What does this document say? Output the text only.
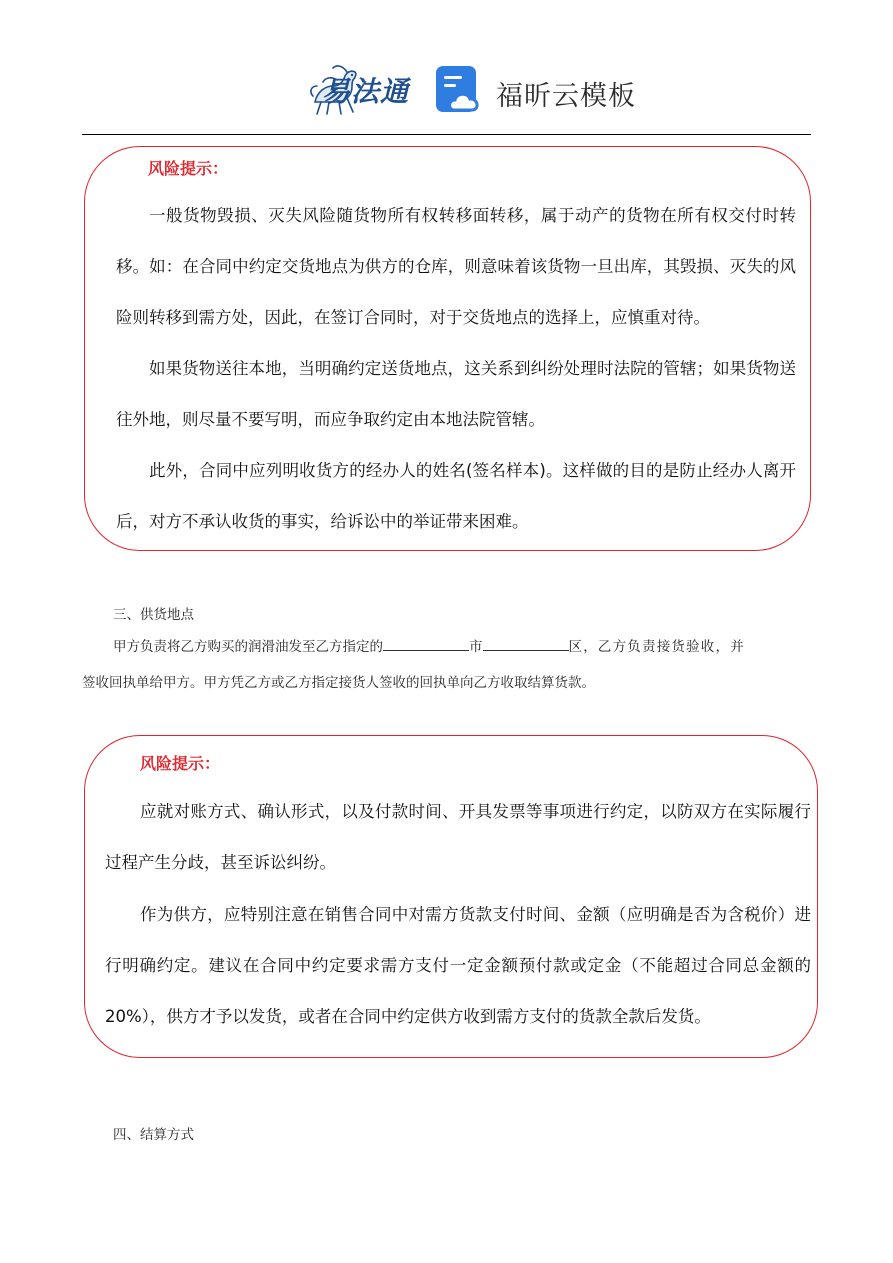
易法通	福昕云模板
风险提示：
一般货物毁损、灭失风险随货物所有权转移面转移，属于动产的货物在所有权交付时转移。如：在合同中约定交货地点为供方的仓库，则意味着该货物一旦出库，其毁损、灭失的风险则转移到需方处，因此，在签订合同时，对于交货地点的选择上，应慎重对待。
如果货物送往本地，当明确约定送货地点，这关系到纠纷处理时法院的管辖；如果货物送往外地，则尽量不要写明，而应争取约定由本地法院管辖。
此外，合同中应列明收货方的经办人的姓名(签名样本)。这样做的目的是防止经办人离开后，对方不承认收货的事实，给诉讼中的举证带来困难。
三、供货地点
甲方负责将乙方购买的润滑油发至乙方指定的	市	区，乙方负责接货验收，并
签收回执单给甲方。甲方凭乙方或乙方指定接货人签收的回执单向乙方收取结算货款。
风险提示：
应就对账方式、确认形式，以及付款时间、开具发票等事项进行约定，以防双方在实际履行过程产生分歧，甚至诉讼纠纷。
作为供方，应特别注意在销售合同中对需方货款支付时间、金额（应明确是否为含税价）进行明确约定。建议在合同中约定要求需方支付一定金额预付款或定金（不能超过合同总金额的 20%），供方才予以发货，或者在合同中约定供方收到需方支付的货款全款后发货。
四、结算方式
